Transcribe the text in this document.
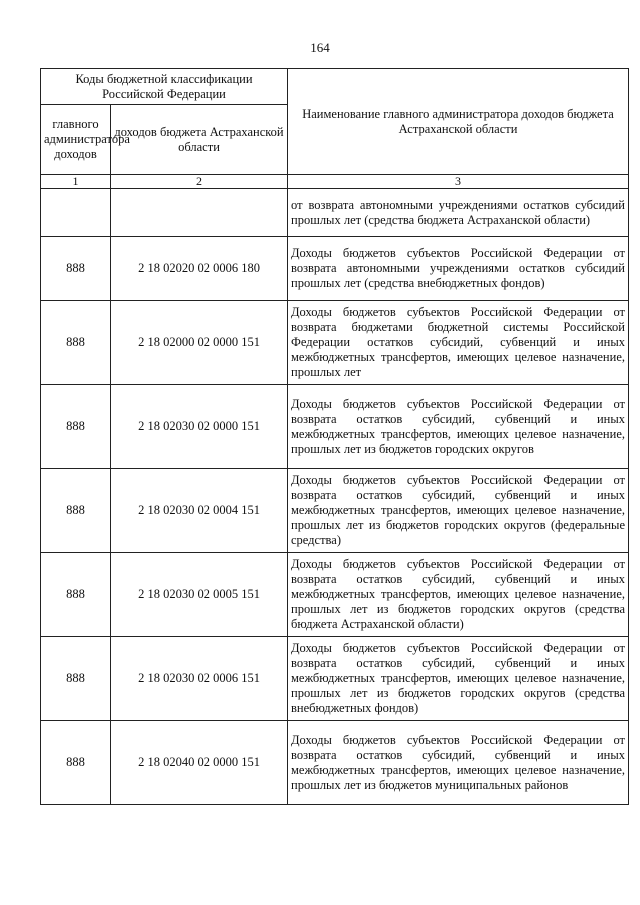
164
Коды бюджетной классификации Российской Федерации		Наименование главного администратора доходов бюджета Астраханской области
главного администратора доходов	доходов бюджета Астраханской области	
1	2	3
		от возврата автономными учреждениями остатков субсидий прошлых лет (средства бюджета Астраханской области)
888	2 18 02020 02 0006 180	Доходы бюджетов субъектов Российской Федерации от возврата автономными учреждениями остатков субсидий прошлых лет (средства внебюджетных фондов)
888	2 18 02000 02 0000 151	Доходы бюджетов субъектов Российской Федерации от возврата бюджетами бюджетной системы Российской Федерации остатков субсидий, субвенций и иных межбюджетных трансфертов, имеющих целевое назначение, прошлых лет
888	2 18 02030 02 0000 151	Доходы бюджетов субъектов Российской Федерации от возврата остатков субсидий, субвенций и иных межбюджетных трансфертов, имеющих целевое назначение, прошлых лет из бюджетов городских округов
888	2 18 02030 02 0004 151	Доходы бюджетов субъектов Российской Федерации от возврата остатков субсидий, субвенций и иных межбюджетных трансфертов, имеющих целевое назначение, прошлых лет из бюджетов городских округов (федеральные средства)
888	2 18 02030 02 0005 151	Доходы бюджетов субъектов Российской Федерации от возврата остатков субсидий, субвенций и иных межбюджетных трансфертов, имеющих целевое назначение, прошлых лет из бюджетов городских округов (средства бюджета Астраханской области)
888	2 18 02030 02 0006 151	Доходы бюджетов субъектов Российской Федерации от возврата остатков субсидий, субвенций и иных межбюджетных трансфертов, имеющих целевое назначение, прошлых лет из бюджетов городских округов (средства внебюджетных фондов)
888	2 18 02040 02 0000 151	Доходы бюджетов субъектов Российской Федерации от возврата остатков субсидий, субвенций и иных межбюджетных трансфертов, имеющих целевое назначение, прошлых лет из бюджетов муниципальных районов
